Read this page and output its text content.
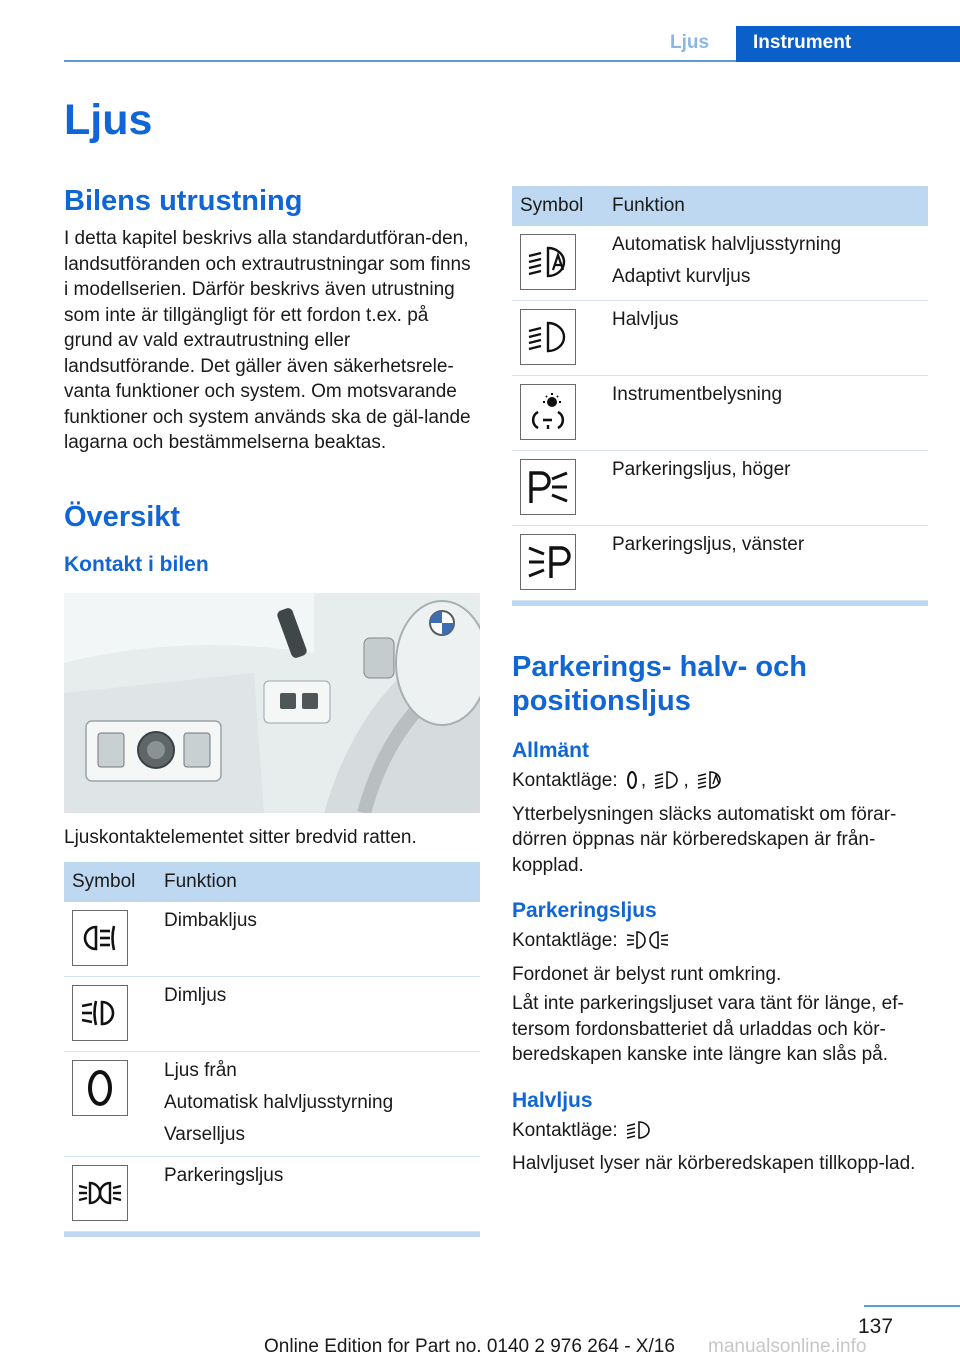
Ljus	Instrument
Ljus
Bilens utrustning

I detta kapitel beskrivs alla standardutföran-den, landsutföranden och extrautrustningar som finns i modellserien. Därför beskrivs även utrustning som inte är tillgängligt för ett fordon t.ex. på grund av vald extrautrustning eller landsutförande. Det gäller även säkerhetsrele-vanta funktioner och system. Om motsvarande funktioner och system används ska de gäl-lande lagarna och bestämmelserna beaktas.

Översikt
Kontakt i bilen

Ljuskontaktelementet sitter bredvid ratten.

Symbol	Funktion

Dimbakljus

Dimljus

Ljus från
Automatisk halvljusstyrning
Varselljus

Parkeringsljus
Symbol	Funktion

Automatisk halvljusstyrning
Adaptivt kurvljus

Halvljus

Instrumentbelysning

Parkeringsljus, höger

Parkeringsljus, vänster
Parkerings- halv- och positionsljus
Allmänt

Kontaktläge: , ,

Ytterbelysningen släcks automatiskt om förar-dörren öppnas när körberedskapen är från-kopplad.

Parkeringsljus

Kontaktläge:

Fordonet är belyst runt omkring.

Låt inte parkeringsljuset vara tänt för länge, ef-tersom fordonsbatteriet då urladdas och kör-beredskapen kanske inte längre kan slås på.

Halvljus

Kontaktläge:

Halvljuset lyser när körberedskapen tillkopp-lad.

137
Online Edition for Part no. 0140 2 976 264 - X/16 manualsonline.info
